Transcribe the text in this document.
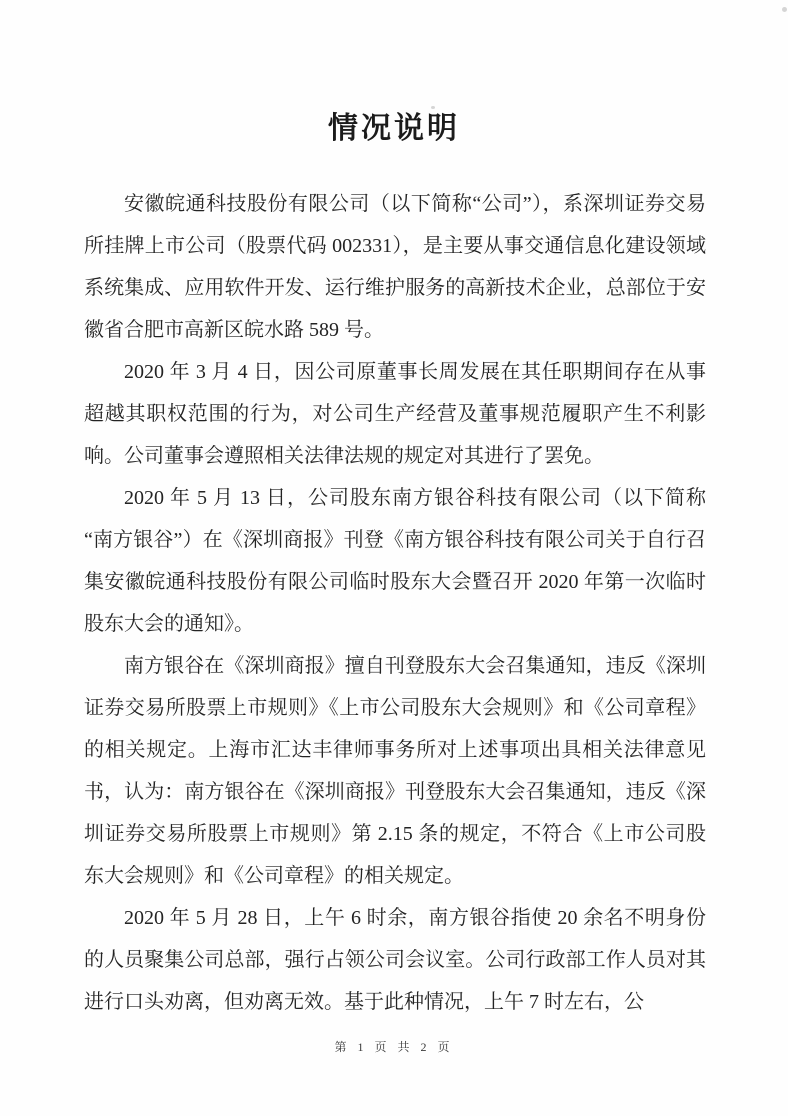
情况说明

安徽皖通科技股份有限公司（以下简称“公司”），系深圳证券交易所挂牌上市公司（股票代码 002331），是主要从事交通信息化建设领域系统集成、应用软件开发、运行维护服务的高新技术企业，总部位于安徽省合肥市高新区皖水路 589 号。

2020 年 3 月 4 日，因公司原董事长周发展在其任职期间存在从事超越其职权范围的行为，对公司生产经营及董事规范履职产生不利影响。公司董事会遵照相关法律法规的规定对其进行了罢免。

2020 年 5 月 13 日，公司股东南方银谷科技有限公司（以下简称“南方银谷”）在《深圳商报》刊登《南方银谷科技有限公司关于自行召集安徽皖通科技股份有限公司临时股东大会暨召开 2020 年第一次临时股东大会的通知》。

南方银谷在《深圳商报》擅自刊登股东大会召集通知，违反《深圳证券交易所股票上市规则》《上市公司股东大会规则》和《公司章程》的相关规定。上海市汇达丰律师事务所对上述事项出具相关法律意见书，认为：南方银谷在《深圳商报》刊登股东大会召集通知，违反《深圳证券交易所股票上市规则》第 2.15 条的规定，不符合《上市公司股东大会规则》和《公司章程》的相关规定。

2020 年 5 月 28 日，上午 6 时余，南方银谷指使 20 余名不明身份的人员聚集公司总部，强行占领公司会议室。公司行政部工作人员对其进行口头劝离，但劝离无效。基于此种情况，上午 7 时左右，公

第 1 页 共 2 页
